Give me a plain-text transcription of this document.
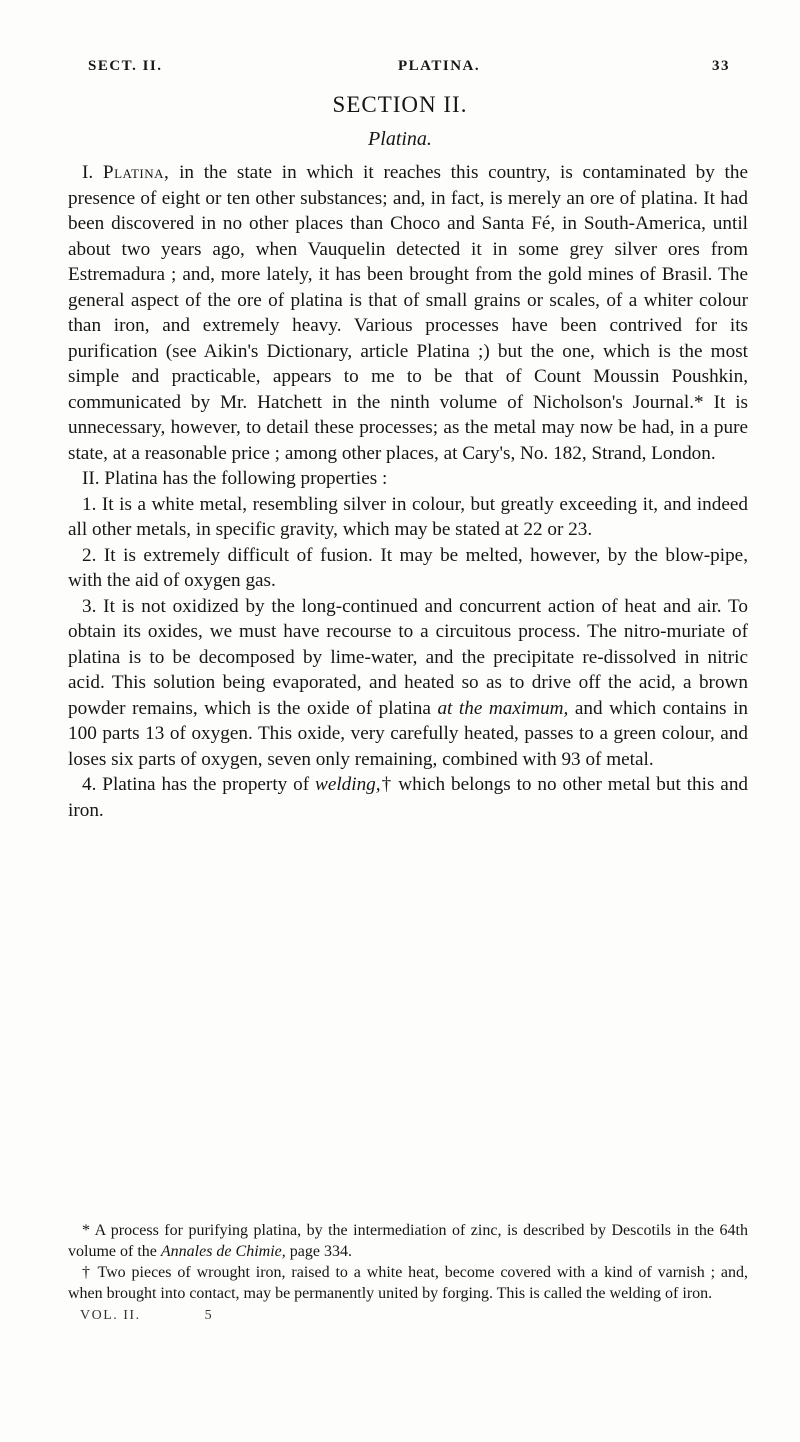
SECT. II.	PLATINA.	33
SECTION II.
Platina.

I. Platina, in the state in which it reaches this country, is contaminated by the presence of eight or ten other substances; and, in fact, is merely an ore of platina. It had been discovered in no other places than Choco and Santa Fé, in South-America, until about two years ago, when Vauquelin detected it in some grey silver ores from Estremadura ; and, more lately, it has been brought from the gold mines of Brasil. The general aspect of the ore of platina is that of small grains or scales, of a whiter colour than iron, and extremely heavy. Various processes have been contrived for its purification (see Aikin's Dictionary, article Platina ;) but the one, which is the most simple and practicable, appears to me to be that of Count Moussin Poushkin, communicated by Mr. Hatchett in the ninth volume of Nicholson's Journal.* It is unnecessary, however, to detail these processes; as the metal may now be had, in a pure state, at a reasonable price ; among other places, at Cary's, No. 182, Strand, London.

II. Platina has the following properties :

1. It is a white metal, resembling silver in colour, but greatly exceeding it, and indeed all other metals, in specific gravity, which may be stated at 22 or 23.

2. It is extremely difficult of fusion. It may be melted, however, by the blow-pipe, with the aid of oxygen gas.

3. It is not oxidized by the long-continued and concurrent action of heat and air. To obtain its oxides, we must have recourse to a circuitous process. The nitro-muriate of platina is to be decomposed by lime-water, and the precipitate re-dissolved in nitric acid. This solution being evaporated, and heated so as to drive off the acid, a brown powder remains, which is the oxide of platina at the maximum, and which contains in 100 parts 13 of oxygen. This oxide, very carefully heated, passes to a green colour, and loses six parts of oxygen, seven only remaining, combined with 93 of metal.

4. Platina has the property of welding,† which belongs to no other metal but this and iron.

* A process for purifying platina, by the intermediation of zinc, is described by Descotils in the 64th volume of the Annales de Chimie, page 334.

† Two pieces of wrought iron, raised to a white heat, become covered with a kind of varnish ; and, when brought into contact, may be permanently united by forging. This is called the welding of iron.

VOL. II.	5
